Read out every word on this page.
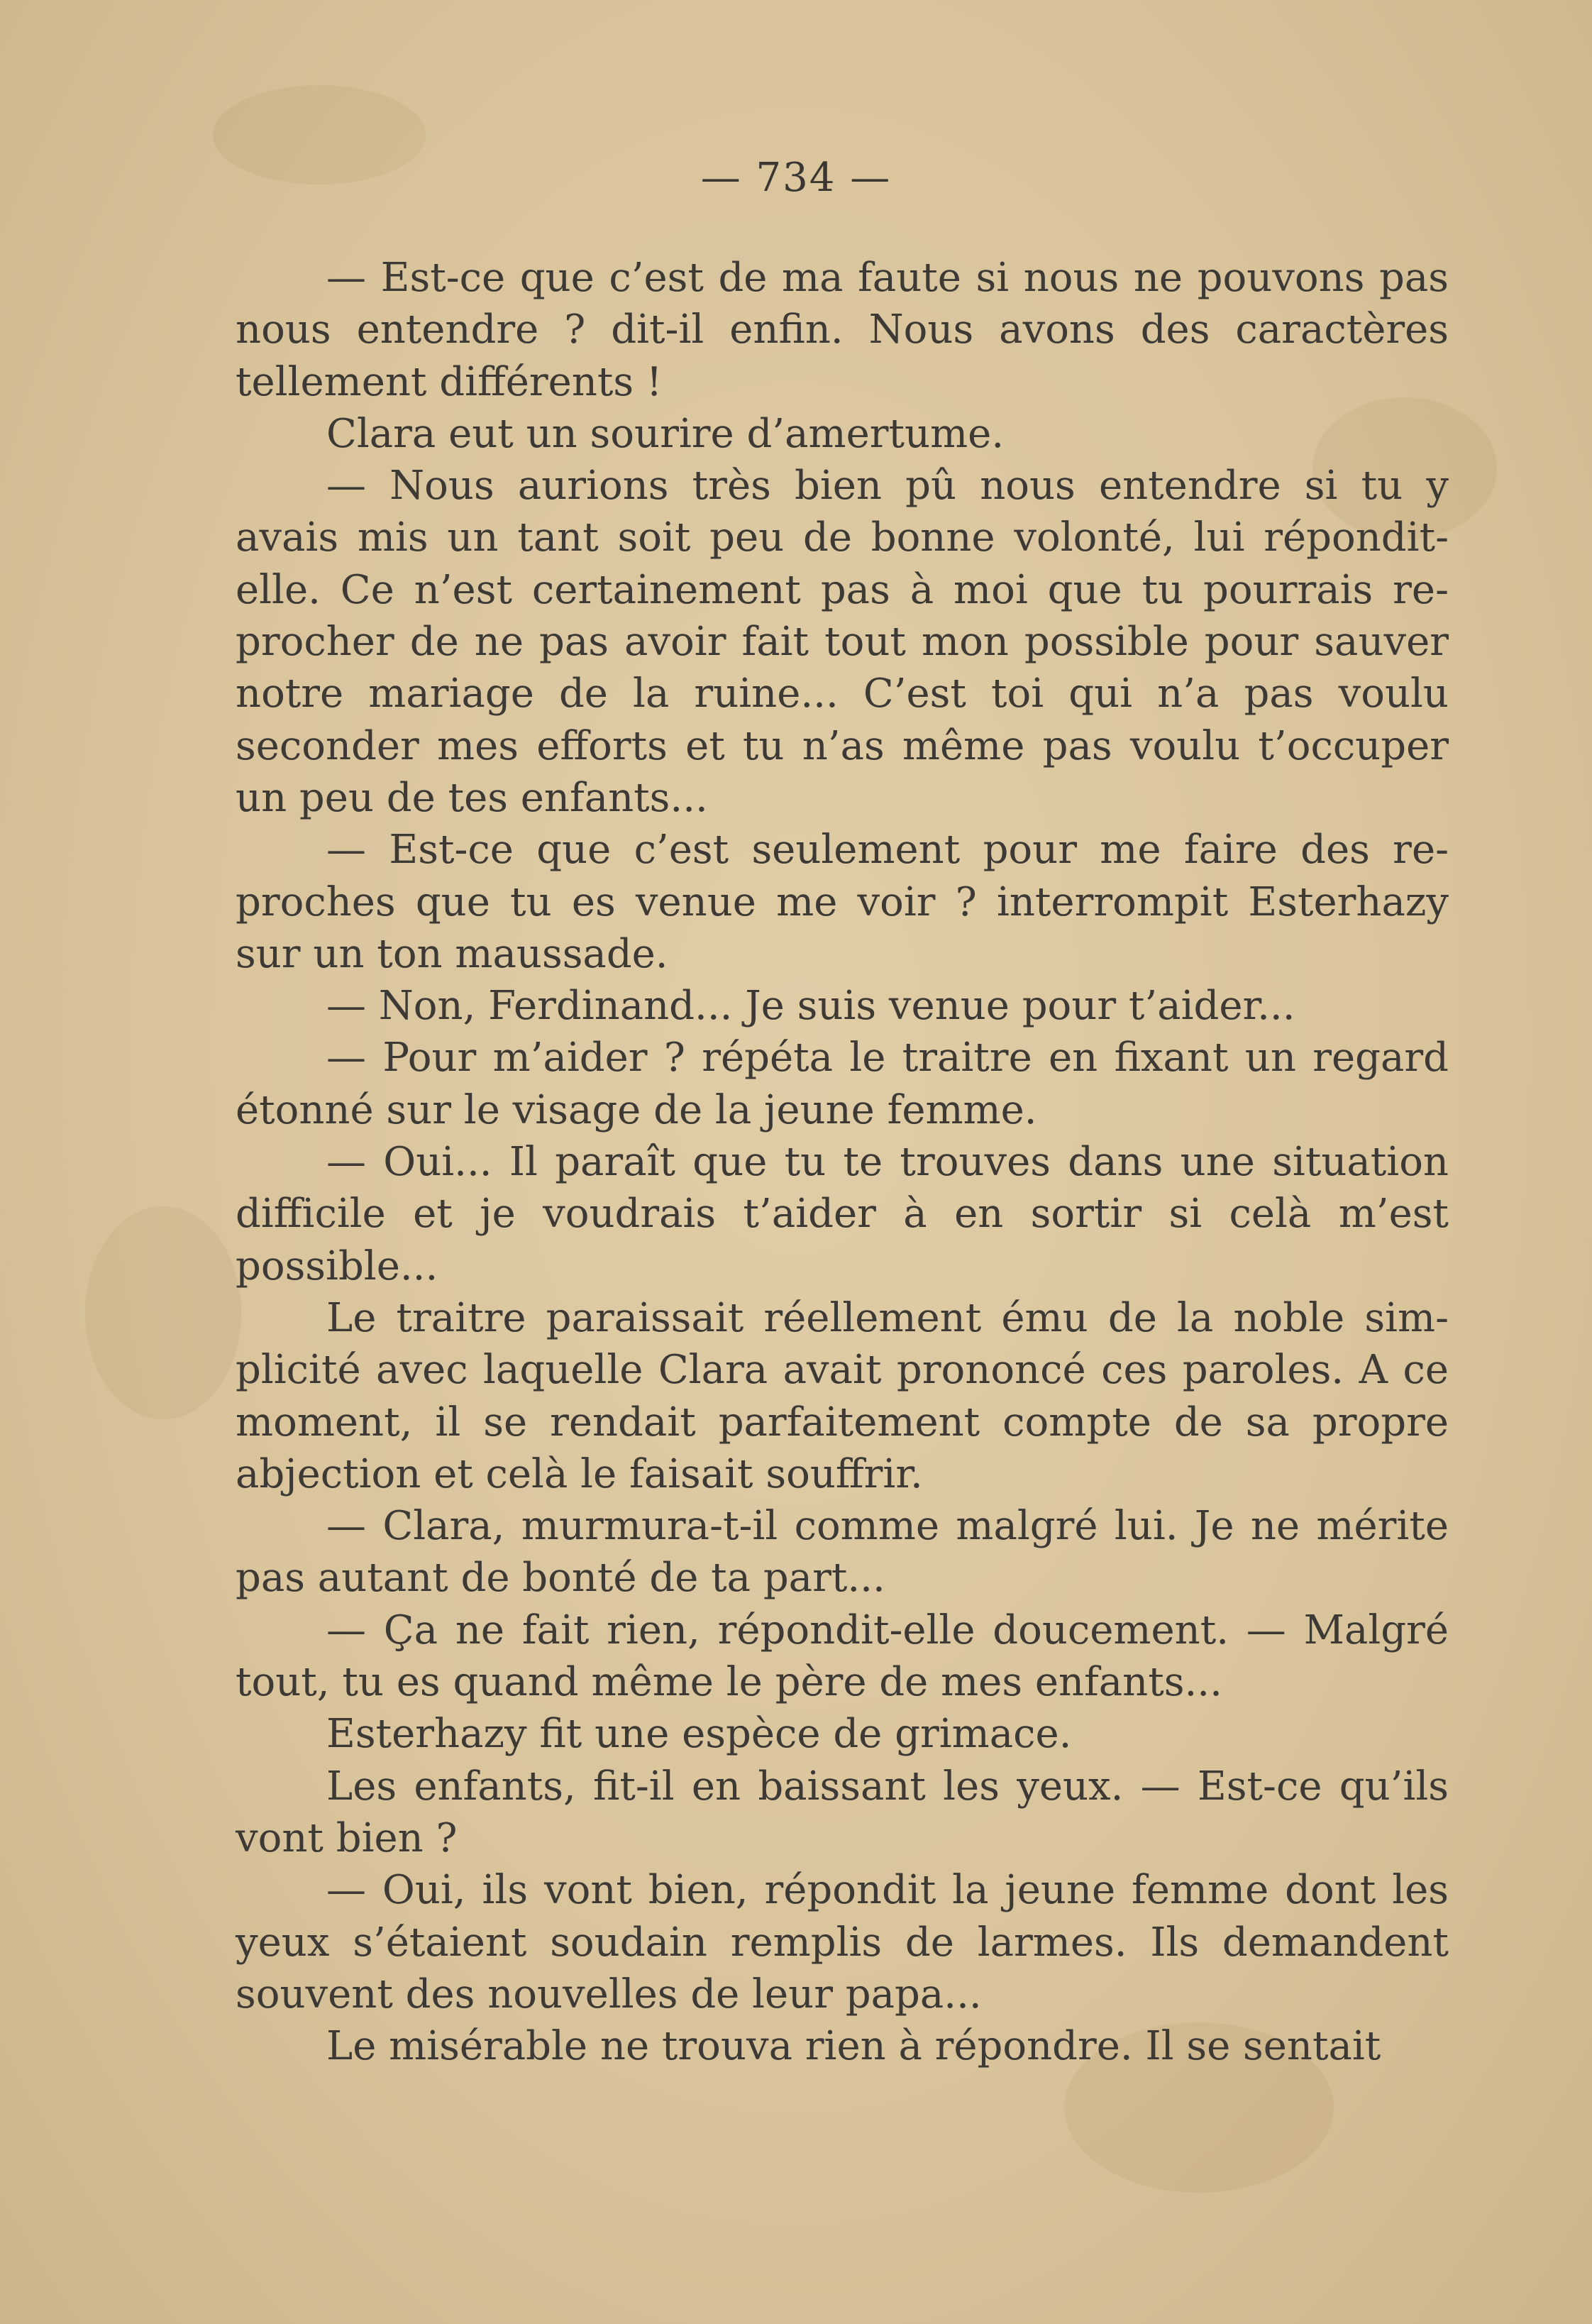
— 734 —

— Est-ce que c’est de ma faute si nous ne pouvons pas nous entendre ? dit-il enfin. Nous avons des caractères tellement différents !

Clara eut un sourire d’amertume.

— Nous aurions très bien pû nous entendre si tu y avais mis un tant soit peu de bonne volonté, lui réponditelle. Ce n’est certainement pas à moi que tu pourrais reprocher de ne pas avoir fait tout mon possible pour sauver notre mariage de la ruine... C’est toi qui n’a pas voulu seconder mes efforts et tu n’as même pas voulu t’occuper un peu de tes enfants...

— Est-ce que c’est seulement pour me faire des reproches que tu es venue me voir ? interrompit Esterhazy sur un ton maussade.

— Non, Ferdinand... Je suis venue pour t’aider...

— Pour m’aider ? répéta le traitre en fixant un regard étonné sur le visage de la jeune femme.

— Oui... Il paraît que tu te trouves dans une situation difficile et je voudrais t’aider à en sortir si celà m’est possible...

Le traitre paraissait réellement ému de la noble simplicité avec laquelle Clara avait prononcé ces paroles. A ce moment, il se rendait parfaitement compte de sa propre abjection et celà le faisait souffrir.

— Clara, murmura-t-il comme malgré lui. Je ne mérite pas autant de bonté de ta part...

— Ça ne fait rien, répondit-elle doucement. — Malgré tout, tu es quand même le père de mes enfants...

Esterhazy fit une espèce de grimace.

Les enfants, fit-il en baissant les yeux. — Est-ce qu’ils vont bien ?

— Oui, ils vont bien, répondit la jeune femme dont les yeux s’étaient soudain remplis de larmes. Ils demandent souvent des nouvelles de leur papa...

Le misérable ne trouva rien à répondre. Il se sentait
